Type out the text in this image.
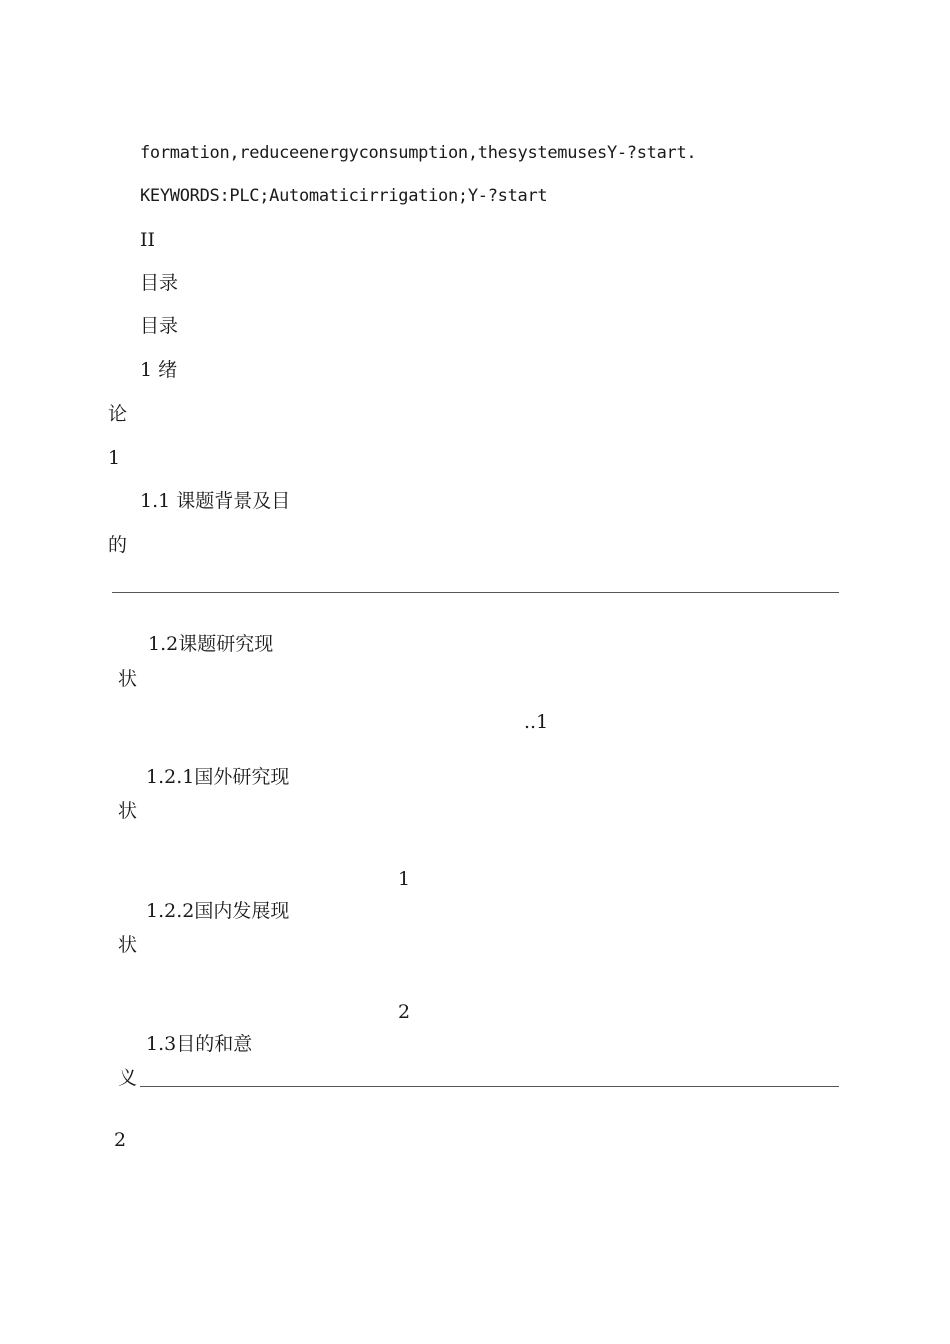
formation,reduceenergyconsumption,thesystemusesY-?start.
KEYWORDS:PLC;Automaticirrigation;Y-?start
II
目录
目录
1 绪
论
1
1.1 课题背景及目
的
1.2课题研究现
状
..1
1.2.1国外研究现
状
1
1.2.2国内发展现
状
2
1.3目的和意
义
2
